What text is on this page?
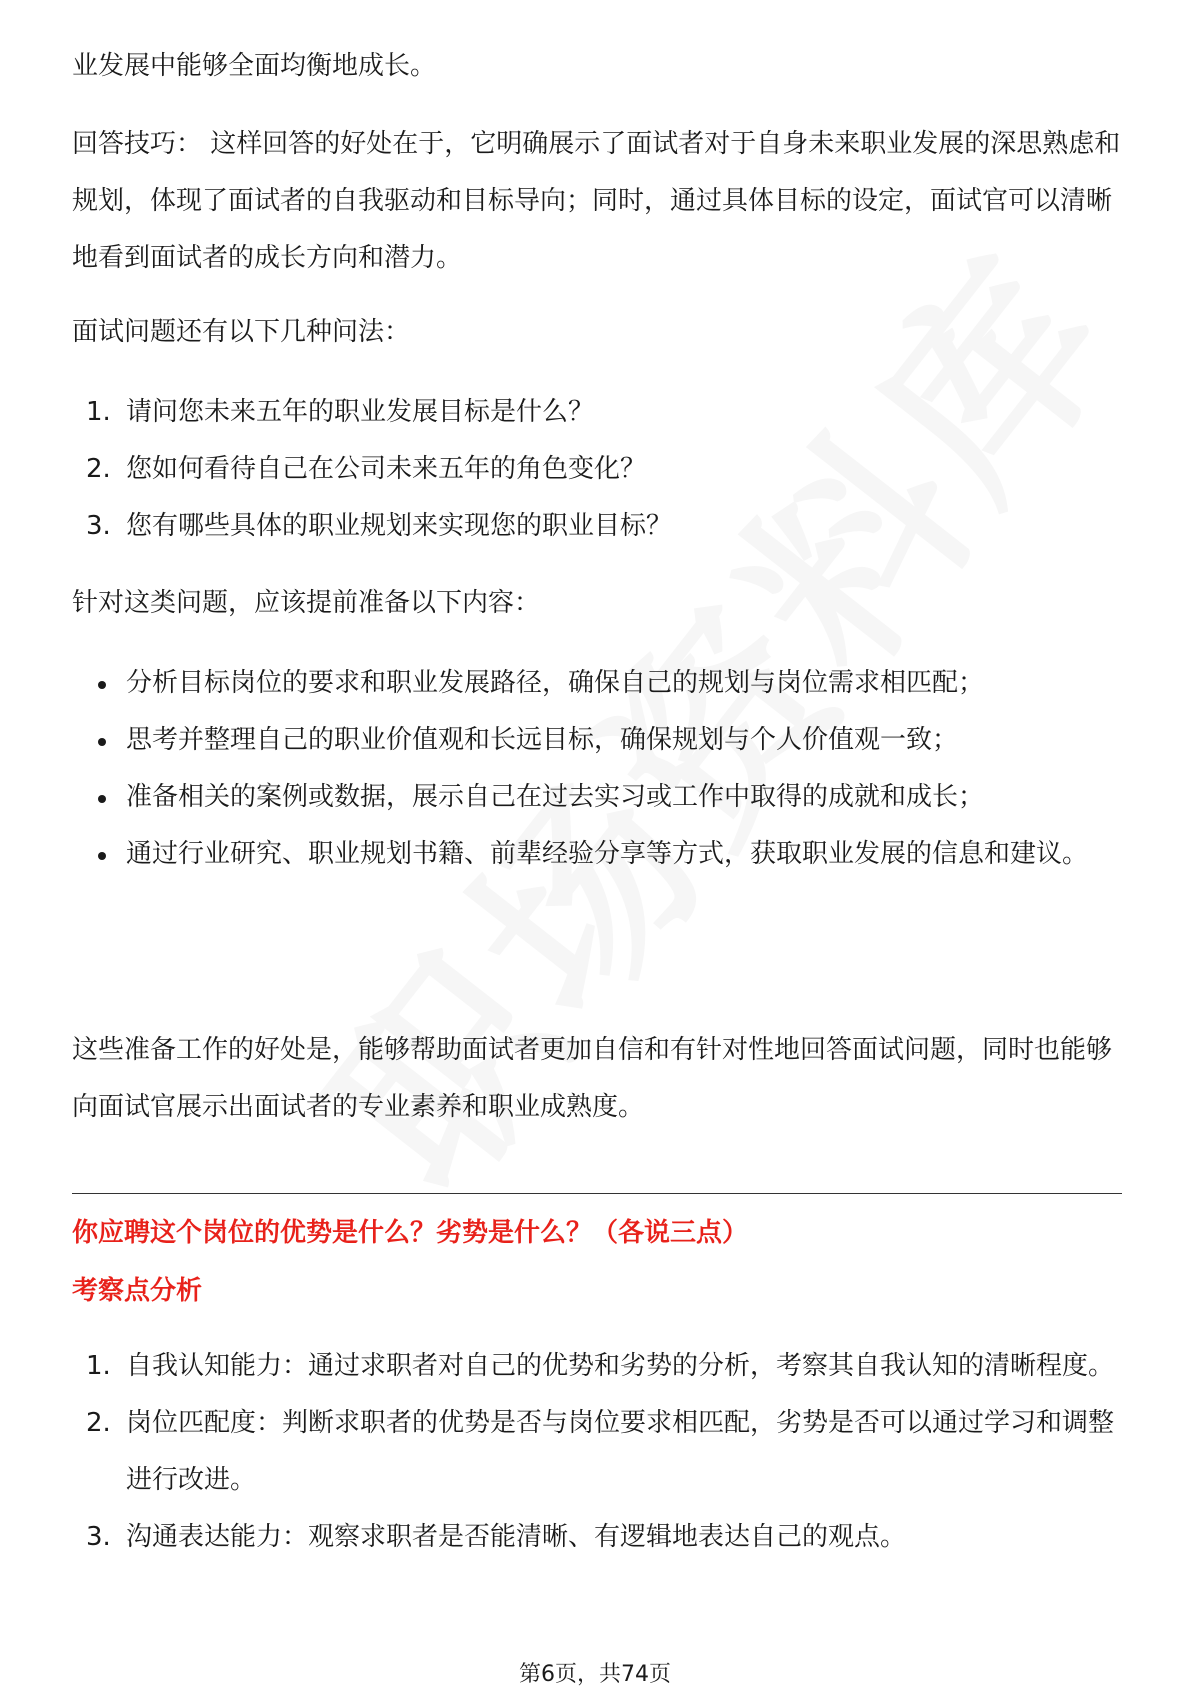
业发展中能够全面均衡地成长。

回答技巧： 这样回答的好处在于，它明确展示了面试者对于自身未来职业发展的深思熟虑和规划，体现了面试者的自我驱动和目标导向；同时，通过具体目标的设定，面试官可以清晰地看到面试者的成长方向和潜力。

面试问题还有以下几种问法：

1. 请问您未来五年的职业发展目标是什么？
2. 您如何看待自己在公司未来五年的角色变化？
3. 您有哪些具体的职业规划来实现您的职业目标？

针对这类问题，应该提前准备以下内容：

分析目标岗位的要求和职业发展路径，确保自己的规划与岗位需求相匹配；
思考并整理自己的职业价值观和长远目标，确保规划与个人价值观一致；
准备相关的案例或数据，展示自己在过去实习或工作中取得的成就和成长；
通过行业研究、职业规划书籍、前辈经验分享等方式，获取职业发展的信息和建议。

这些准备工作的好处是，能够帮助面试者更加自信和有针对性地回答面试问题，同时也能够向面试官展示出面试者的专业素养和职业成熟度。

你应聘这个岗位的优势是什么？劣势是什么？（各说三点）
考察点分析
1. 自我认知能力：通过求职者对自己的优势和劣势的分析，考察其自我认知的清晰程度。
2. 岗位匹配度：判断求职者的优势是否与岗位要求相匹配，劣势是否可以通过学习和调整进行改进。
3. 沟通表达能力：观察求职者是否能清晰、有逻辑地表达自己的观点。
第6页，共74页
